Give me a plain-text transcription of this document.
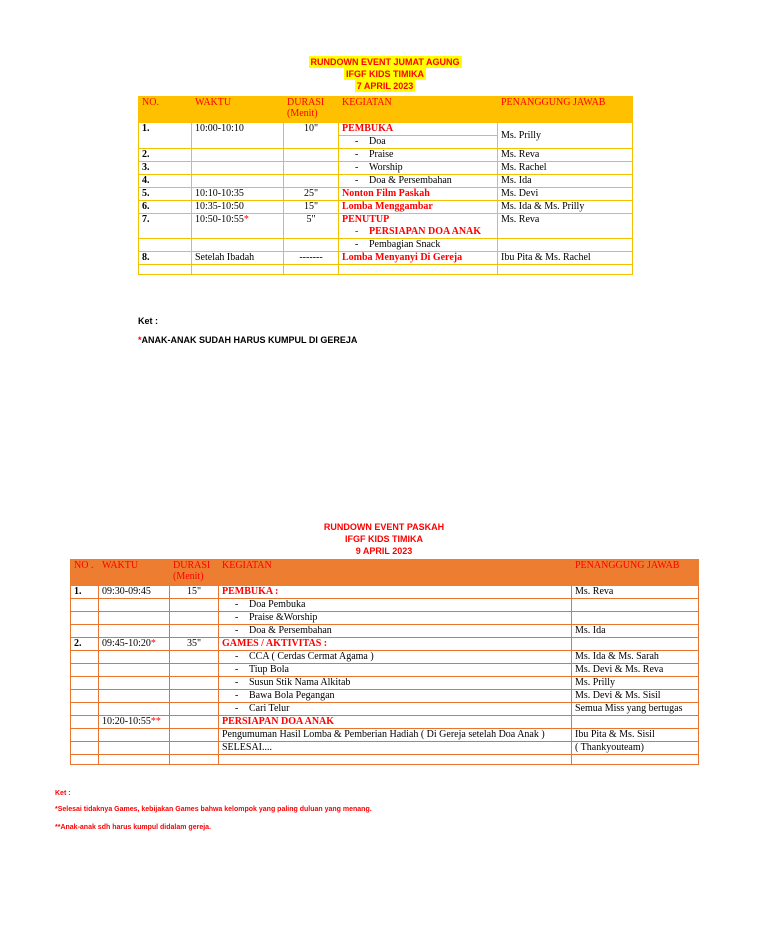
RUNDOWN EVENT JUMAT AGUNG
IFGF KIDS TIMIKA
7 APRIL 2023
NO.	WAKTU	DURASI (Menit)	KEGIATAN	PENANGGUNG JAWAB
1.	10:00-10:10	10"	PEMBUKA	Ms. Prilly
			- Doa	
2.			- Praise	Ms. Reva
3.			- Worship	Ms. Rachel
4.			- Doa & Persembahan	Ms. Ida
5.	10:10-10:35	25"	Nonton Film Paskah	Ms. Devi
6.	10:35-10:50	15"	Lomba Menggambar	Ms. Ida & Ms. Prilly
7.	10:50-10:55*	5"	PENUTUP	Ms. Reva
			- PERSIAPAN DOA ANAK	
			- Pembagian Snack	
8.	Setelah Ibadah	-------	Lomba Menyanyi Di Gereja	Ibu Pita & Ms. Rachel

Ket :
*ANAK-ANAK SUDAH HARUS KUMPUL DI GEREJA
RUNDOWN EVENT PASKAH
IFGF KIDS TIMIKA
9 APRIL 2023
NO .	WAKTU	DURASI (Menit)	KEGIATAN	PENANGGUNG JAWAB
1.	09:30-09:45	15"	PEMBUKA :	Ms. Reva
			- Doa Pembuka	
			- Praise &Worship	
			- Doa & Persembahan	Ms. Ida
2.	09:45-10:20*	35"	GAMES / AKTIVITAS :	
			- CCA ( Cerdas Cermat Agama )	Ms. Ida & Ms. Sarah
			- Tiup Bola	Ms. Devi & Ms. Reva
			- Susun Stik Nama Alkitab	Ms. Prilly
			- Bawa Bola Pegangan	Ms. Devi & Ms. Sisil
			- Cari Telur	Semua Miss yang bertugas
	10:20-10:55**		PERSIAPAN DOA ANAK	
			Pengumuman Hasil Lomba & Pemberian Hadiah ( Di Gereja setelah Doa Anak )	Ibu Pita & Ms. Sisil
			SELESAI....	( Thankyouteam)

Ket :
*Selesai tidaknya Games, kebijakan Games bahwa kelompok yang paling duluan yang menang.
**Anak-anak sdh harus kumpul didalam gereja.
